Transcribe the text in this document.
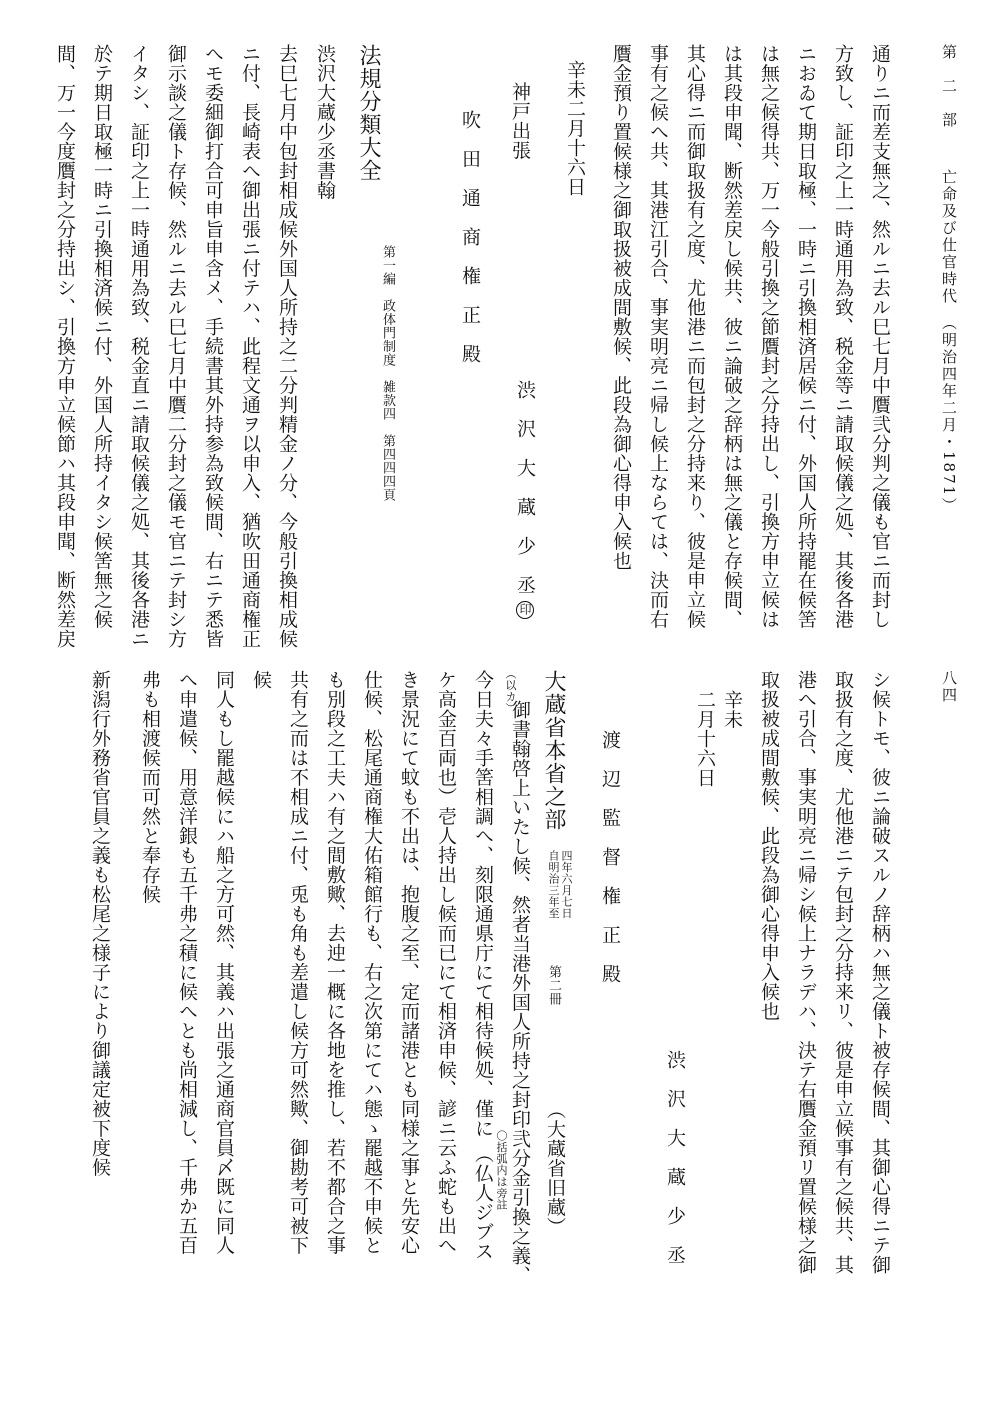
第　二　部亡命及び仕官時代（明治四年二月・1871）
通りニ而差支無之、然ルニ去ル巳七月中贋弐分判之儀も官ニ而封し
方致し、証印之上一時通用為致、税金等ニ請取候儀之処、其後各港
ニおゐて期日取極、一時ニ引換相済居候ニ付、外国人所持罷在候筈
は無之候得共、万一今般引換之節贋封之分持出し、引換方申立候は
は其段申聞、断然差戻し候共、彼ニ論破之辞柄は無之儀と存候間、
其心得ニ而御取扱有之度、尤他港ニ而包封之分持来り、彼是申立候
事有之候へ共、其港江引合、事実明亮ニ帰し候上ならては、決而右
贋金預り置候様之御取扱被成間敷候、此段為御心得申入候也
辛未二月十六日
渋　沢　大　蔵　少　丞印
神戸出張
吹　田　通　商　権　正　殿
法規分類大全
第一編　政体門制度　雑款四　第四四四頁
渋沢大蔵少丞書翰
去巳七月中包封相成候外国人所持之二分判精金ノ分、今般引換相成候
ニ付、長崎表へ御出張ニ付テハ、此程文通ヲ以申入、猶吹田通商権正
へモ委細御打合可申旨申含メ、手続書其外持参為致候間、右ニテ悉皆
御示談之儀ト存候、然ルニ去ル巳七月中贋二分封之儀モ官ニテ封シ方
イタシ、証印之上一時通用為致、税金直ニ請取候儀之処、其後各港ニ
於テ期日取極一時ニ引換相済候ニ付、外国人所持イタシ候筈無之候
間、万一今度贋封之分持出シ、引換方申立候節ハ其段申聞、断然差戻
八四
シ候トモ、彼ニ論破スルノ辞柄ハ無之儀ト被存候間、其御心得ニテ御
取扱有之度、尤他港ニテ包封之分持来リ、彼是申立候事有之候共、其
港へ引合、事実明亮ニ帰シ候上ナラデハ、決テ右贋金預リ置候様之御
取扱被成間敷候、此段為御心得申入候也
辛未
二月十六日
渋　沢　大　蔵　少　丞
渡　辺　監　督　権　正　殿
大蔵省本省之部
自明治三年至 四年六月七日
第二冊
（大蔵省旧蔵）
（以カ）
御書翰啓上いたし候、然者当港外国人所持之封印弐分金引換之義、
今日夫々手筈相調へ、刻限通県庁にて相待候処、僅に（仏人ジブス 〇括弧内は旁註
ケ高金百両也）壱人持出し候而已にて相済申候、諺ニ云ふ蛇も出へ
き景況にて蚊も不出は、抱腹之至、定而諸港とも同様之事と先安心
仕候、松尾通商権大佑箱館行も、右之次第にてハ態ゝ罷越不申候と
も別段之工夫ハ有之間敷歟、去迚一概に各地を推し、若不都合之事
共有之而は不相成ニ付、兎も角も差遣し候方可然歟、御勘考可被下
候
同人もし罷越候にハ船之方可然、其義ハ出張之通商官員〆既に同人
へ申遣候、用意洋銀も五千弗之積に候へとも尚相減し、千弗か五百
弗も相渡候而可然と奉存候
新潟行外務省官員之義も松尾之様子により御議定被下度候
